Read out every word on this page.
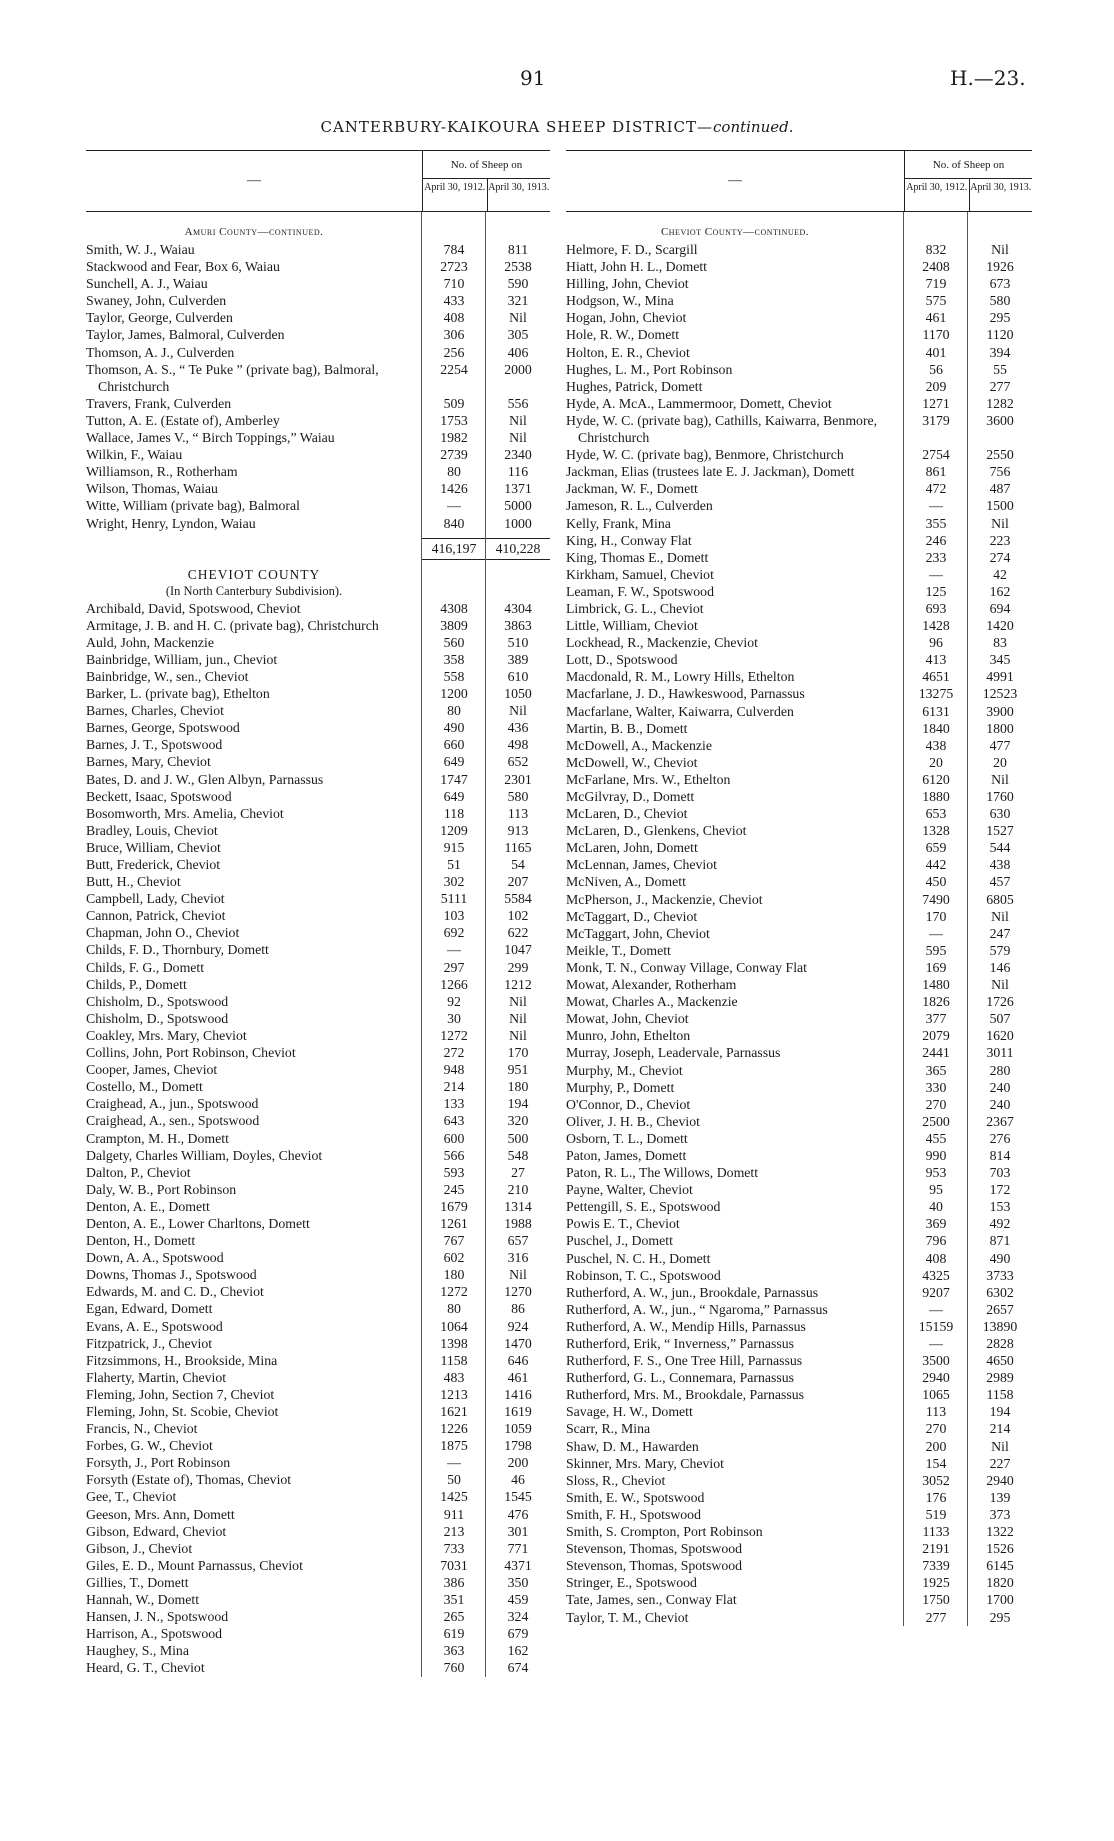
91	H.—23.
CANTERBURY-KAIKOURA SHEEP DISTRICT—continued.
—
No. of Sheep on
April 30, 1912. April 30, 1913.
Amuri County—continued.
Smith, W. J., Waiau	784	811
Stackwood and Fear, Box 6, Waiau	2723	2538
Sunchell, A. J., Waiau	710	590
Swaney, John, Culverden	433	321
Taylor, George, Culverden	408	Nil
Taylor, James, Balmoral, Culverden	306	305
Thomson, A. J., Culverden	256	406
Thomson, A. S., “ Te Puke ” (private bag), Balmoral, Christchurch
2254	2000
Travers, Frank, Culverden	509	556
Tutton, A. E. (Estate of), Amberley	1753	Nil
Wallace, James V., “ Birch Toppings,” Waiau	1982	Nil
Wilkin, F., Waiau	2739	2340
Williamson, R., Rotherham	80	116
Wilson, Thomas, Waiau	1426	1371
Witte, William (private bag), Balmoral	—	5000
Wright, Henry, Lyndon, Waiau	840	1000
416,197	410,228
CHEVIOT COUNTY
(In North Canterbury Subdivision).
Archibald, David, Spotswood, Cheviot	4308	4304
Armitage, J. B. and H. C. (private bag), Christchurch	3809	3863
Auld, John, Mackenzie	560	510
Bainbridge, William, jun., Cheviot	358	389
Bainbridge, W., sen., Cheviot	558	610
Barker, L. (private bag), Ethelton	1200	1050
Barnes, Charles, Cheviot	80	Nil
Barnes, George, Spotswood	490	436
Barnes, J. T., Spotswood	660	498
Barnes, Mary, Cheviot	649	652
Bates, D. and J. W., Glen Albyn, Parnassus	1747	2301
Beckett, Isaac, Spotswood	649	580
Bosomworth, Mrs. Amelia, Cheviot	118	113
Bradley, Louis, Cheviot	1209	913
Bruce, William, Cheviot	915	1165
Butt, Frederick, Cheviot	51	54
Butt, H., Cheviot	302	207
Campbell, Lady, Cheviot	5111	5584
Cannon, Patrick, Cheviot	103	102
Chapman, John O., Cheviot	692	622
Childs, F. D., Thornbury, Domett	—	1047
Childs, F. G., Domett	297	299
Childs, P., Domett	1266	1212
Chisholm, D., Spotswood	92	Nil
Chisholm, D., Spotswood	30	Nil
Coakley, Mrs. Mary, Cheviot	1272	Nil
Collins, John, Port Robinson, Cheviot	272	170
Cooper, James, Cheviot	948	951
Costello, M., Domett	214	180
Craighead, A., jun., Spotswood	133	194
Craighead, A., sen., Spotswood	643	320
Crampton, M. H., Domett	600	500
Dalgety, Charles William, Doyles, Cheviot	566	548
Dalton, P., Cheviot	593	27
Daly, W. B., Port Robinson	245	210
Denton, A. E., Domett	1679	1314
Denton, A. E., Lower Charltons, Domett	1261	1988
Denton, H., Domett	767	657
Down, A. A., Spotswood	602	316
Downs, Thomas J., Spotswood	180	Nil
Edwards, M. and C. D., Cheviot	1272	1270
Egan, Edward, Domett	80	86
Evans, A. E., Spotswood	1064	924
Fitzpatrick, J., Cheviot	1398	1470
Fitzsimmons, H., Brookside, Mina	1158	646
Flaherty, Martin, Cheviot	483	461
Fleming, John, Section 7, Cheviot	1213	1416
Fleming, John, St. Scobie, Cheviot	1621	1619
Francis, N., Cheviot	1226	1059
Forbes, G. W., Cheviot	1875	1798
Forsyth, J., Port Robinson	—	200
Forsyth (Estate of), Thomas, Cheviot	50	46
Gee, T., Cheviot	1425	1545
Geeson, Mrs. Ann, Domett	911	476
Gibson, Edward, Cheviot	213	301
Gibson, J., Cheviot	733	771
Giles, E. D., Mount Parnassus, Cheviot	7031	4371
Gillies, T., Domett	386	350
Hannah, W., Domett	351	459
Hansen, J. N., Spotswood	265	324
Harrison, A., Spotswood	619	679
Haughey, S., Mina	363	162
Heard, G. T., Cheviot	760	674
—
No. of Sheep on
April 30, 1912. April 30, 1913.
Cheviot County—continued.
Helmore, F. D., Scargill	832	Nil
Hiatt, John H. L., Domett	2408	1926
Hilling, John, Cheviot	719	673
Hodgson, W., Mina	575	580
Hogan, John, Cheviot	461	295
Hole, R. W., Domett	1170	1120
Holton, E. R., Cheviot	401	394
Hughes, L. M., Port Robinson	56	55
Hughes, Patrick, Domett	209	277
Hyde, A. McA., Lammermoor, Domett, Cheviot	1271	1282
Hyde, W. C. (private bag), Cathills, Kaiwarra, Benmore, Christchurch
3179	3600
Hyde, W. C. (private bag), Benmore, Christchurch	2754	2550
Jackman, Elias (trustees late E. J. Jackman), Domett	861	756
Jackman, W. F., Domett	472	487
Jameson, R. L., Culverden	—	1500
Kelly, Frank, Mina	355	Nil
King, H., Conway Flat	246	223
King, Thomas E., Domett	233	274
Kirkham, Samuel, Cheviot	—	42
Leaman, F. W., Spotswood	125	162
Limbrick, G. L., Cheviot	693	694
Little, William, Cheviot	1428	1420
Lockhead, R., Mackenzie, Cheviot	96	83
Lott, D., Spotswood	413	345
Macdonald, R. M., Lowry Hills, Ethelton	4651	4991
Macfarlane, J. D., Hawkeswood, Parnassus	13275	12523
Macfarlane, Walter, Kaiwarra, Culverden	6131	3900
Martin, B. B., Domett	1840	1800
McDowell, A., Mackenzie	438	477
McDowell, W., Cheviot	20	20
McFarlane, Mrs. W., Ethelton	6120	Nil
McGilvray, D., Domett	1880	1760
McLaren, D., Cheviot	653	630
McLaren, D., Glenkens, Cheviot	1328	1527
McLaren, John, Domett	659	544
McLennan, James, Cheviot	442	438
McNiven, A., Domett	450	457
McPherson, J., Mackenzie, Cheviot	7490	6805
McTaggart, D., Cheviot	170	Nil
McTaggart, John, Cheviot	—	247
Meikle, T., Domett	595	579
Monk, T. N., Conway Village, Conway Flat	169	146
Mowat, Alexander, Rotherham	1480	Nil
Mowat, Charles A., Mackenzie	1826	1726
Mowat, John, Cheviot	377	507
Munro, John, Ethelton	2079	1620
Murray, Joseph, Leadervale, Parnassus	2441	3011
Murphy, M., Cheviot	365	280
Murphy, P., Domett	330	240
O'Connor, D., Cheviot	270	240
Oliver, J. H. B., Cheviot	2500	2367
Osborn, T. L., Domett	455	276
Paton, James, Domett	990	814
Paton, R. L., The Willows, Domett	953	703
Payne, Walter, Cheviot	95	172
Pettengill, S. E., Spotswood	40	153
Powis E. T., Cheviot	369	492
Puschel, J., Domett	796	871
Puschel, N. C. H., Domett	408	490
Robinson, T. C., Spotswood	4325	3733
Rutherford, A. W., jun., Brookdale, Parnassus	9207	6302
Rutherford, A. W., jun., “ Ngaroma,” Parnassus	—	2657
Rutherford, A. W., Mendip Hills, Parnassus	15159	13890
Rutherford, Erik, “ Inverness,” Parnassus	—	2828
Rutherford, F. S., One Tree Hill, Parnassus	3500	4650
Rutherford, G. L., Connemara, Parnassus	2940	2989
Rutherford, Mrs. M., Brookdale, Parnassus	1065	1158
Savage, H. W., Domett	113	194
Scarr, R., Mina	270	214
Shaw, D. M., Hawarden	200	Nil
Skinner, Mrs. Mary, Cheviot	154	227
Sloss, R., Cheviot	3052	2940
Smith, E. W., Spotswood	176	139
Smith, F. H., Spotswood	519	373
Smith, S. Crompton, Port Robinson	1133	1322
Stevenson, Thomas, Spotswood	2191	1526
Stevenson, Thomas, Spotswood	7339	6145
Stringer, E., Spotswood	1925	1820
Tate, James, sen., Conway Flat	1750	1700
Taylor, T. M., Cheviot	277	295
